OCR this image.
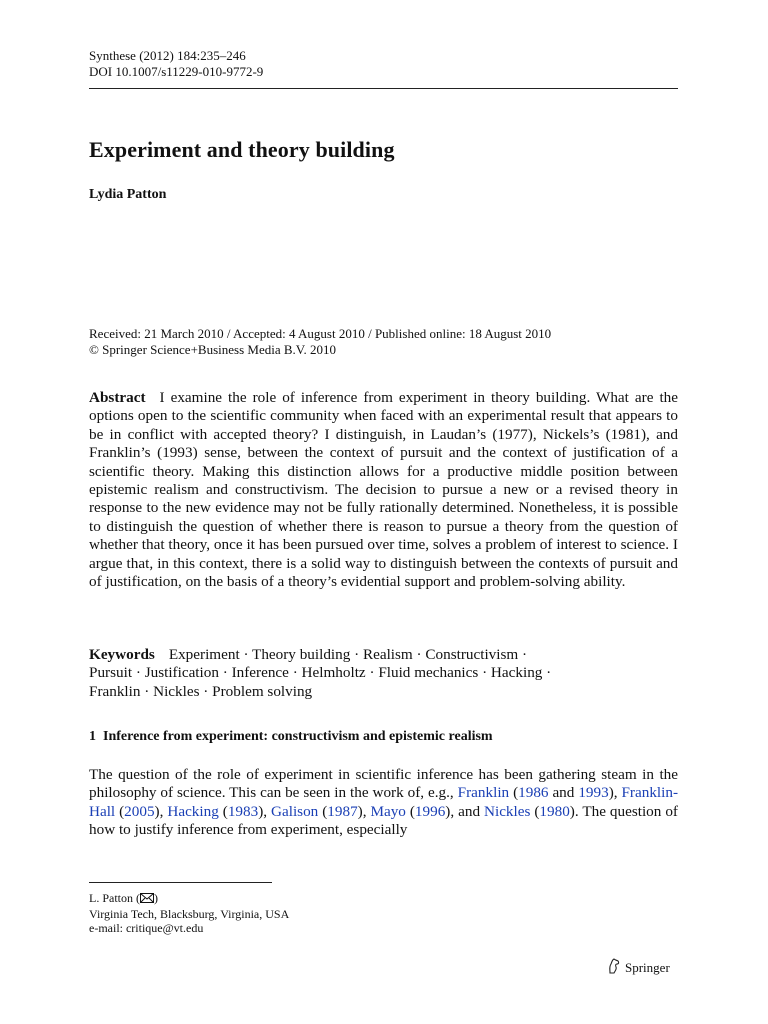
Synthese (2012) 184:235–246
DOI 10.1007/s11229-010-9772-9
Experiment and theory building
Lydia Patton
Received: 21 March 2010 / Accepted: 4 August 2010 / Published online: 18 August 2010
© Springer Science+Business Media B.V. 2010
Abstract I examine the role of inference from experiment in theory building. What are the options open to the scientific community when faced with an experimental result that appears to be in conflict with accepted theory? I distinguish, in Laudan’s (1977), Nickels’s (1981), and Franklin’s (1993) sense, between the context of pursuit and the context of justification of a scientific theory. Making this distinction allows for a productive middle position between epistemic realism and constructivism. The decision to pursue a new or a revised theory in response to the new evidence may not be fully rationally determined. Nonetheless, it is possible to distinguish the question of whether there is reason to pursue a theory from the question of whether that theory, once it has been pursued over time, solves a problem of interest to science. I argue that, in this context, there is a solid way to distinguish between the contexts of pursuit and of justification, on the basis of a theory’s evidential support and problem-solving ability.
Keywords Experiment · Theory building · Realism · Constructivism ·
Pursuit · Justification · Inference · Helmholtz · Fluid mechanics · Hacking ·
Franklin · Nickles · Problem solving
1 Inference from experiment: constructivism and epistemic realism
The question of the role of experiment in scientific inference has been gathering steam in the philosophy of science. This can be seen in the work of, e.g., Franklin (1986 and 1993), Franklin-Hall (2005), Hacking (1983), Galison (1987), Mayo (1996), and Nickles (1980). The question of how to justify inference from experiment, especially
L. Patton ( )
Virginia Tech, Blacksburg, Virginia, USA
e-mail: critique@vt.edu
Springer
